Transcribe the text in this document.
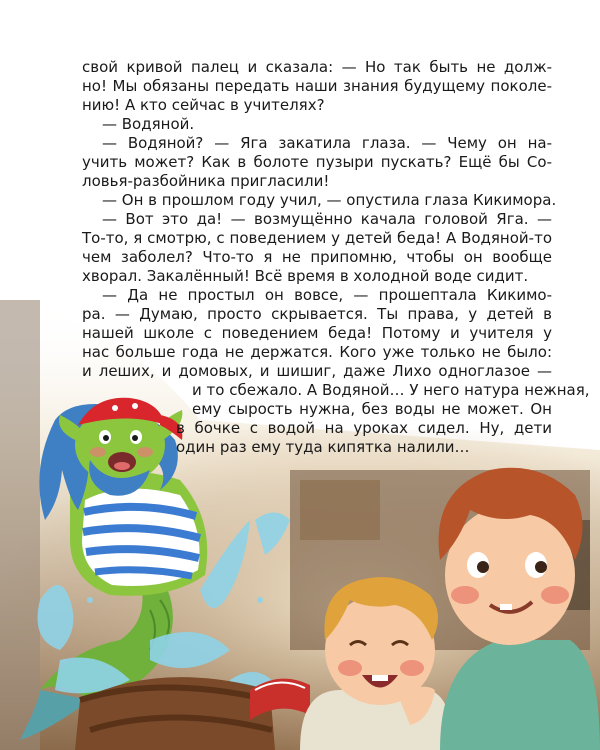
свой кривой палец и сказала: — Но так быть не долж-
но! Мы обязаны передать наши знания будущему поколе-
нию! А кто сейчас в учителях?

— Водяной.

— Водяной? — Яга закатила глаза. — Чему он на-
учить может? Как в болоте пузыри пускать? Ещё бы Со-
ловья-разбойника пригласили!

— Он в прошлом году учил, — опустила глаза Кикимора.

— Вот это да! — возмущённо качала головой Яга. —
То-то, я смотрю, с поведением у детей беда! А Водяной-то
чем заболел? Что-то я не припомню, чтобы он вообще
хворал. Закалённый! Всё время в холодной воде сидит.

— Да не простыл он вовсе, — прошептала Кикимо-
ра. — Думаю, просто скрывается. Ты права, у детей в
нашей школе с поведением беда! Потому и учителя у
нас больше года не держатся. Кого уже только не было:
и леших, и домовых, и шишиг, даже Лихо одноглазое —
и то сбежало. А Водяной… У него натура нежная,
ему сырость нужна, без воды не может. Он
в бочке с водой на уроках сидел. Ну, дети
один раз ему туда кипятка налили…
